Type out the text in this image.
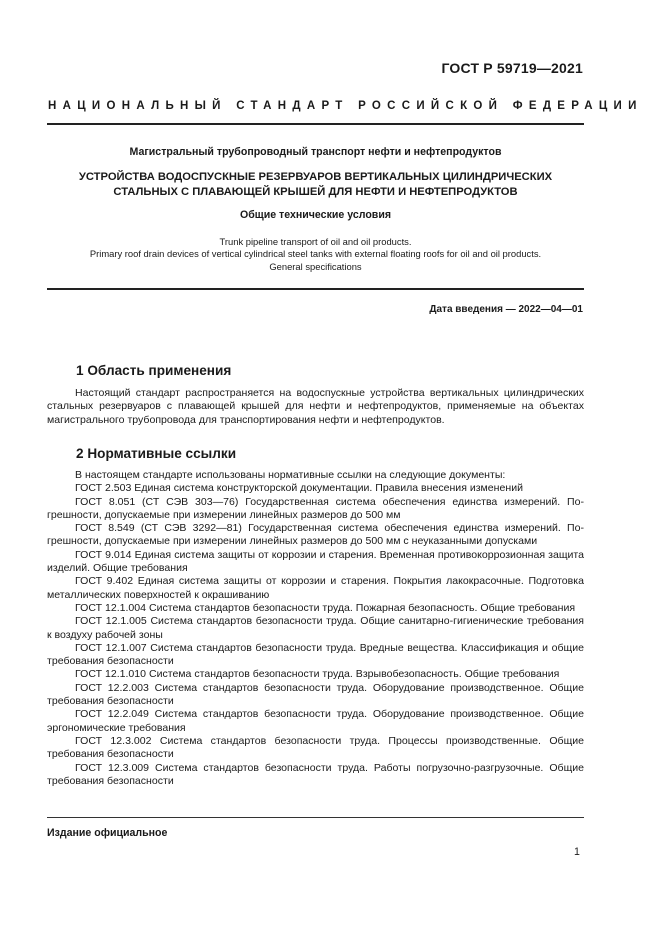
ГОСТ Р 59719—2021
НАЦИОНАЛЬНЫЙ СТАНДАРТ РОССИЙСКОЙ ФЕДЕРАЦИИ
Магистральный трубопроводный транспорт нефти и нефтепродуктов
УСТРОЙСТВА ВОДОСПУСКНЫЕ РЕЗЕРВУАРОВ ВЕРТИКАЛЬНЫХ ЦИЛИНДРИЧЕСКИХ
СТАЛЬНЫХ С ПЛАВАЮЩЕЙ КРЫШЕЙ ДЛЯ НЕФТИ И НЕФТЕПРОДУКТОВ
Общие технические условия
Trunk pipeline transport of oil and oil products.
Primary roof drain devices of vertical cylindrical steel tanks with external floating roofs for oil and oil products.
General specifications
Дата введения — 2022—04—01
1 Область применения
Настоящий стандарт распространяется на водоспускные устройства вертикальных цилиндрических стальных резервуаров с плавающей крышей для нефти и нефтепродуктов, применяемые на объектах магистрального трубопровода для транспортирования нефти и нефтепродуктов.
2 Нормативные ссылки

В настоящем стандарте использованы нормативные ссылки на следующие документы:

ГОСТ 2.503 Единая система конструкторской документации. Правила внесения изменений

ГОСТ 8.051 (СТ СЭВ 303—76) Государственная система обеспечения единства измерений. Погрешности, допускаемые при измерении линейных размеров до 500 мм

ГОСТ 8.549 (СТ СЭВ 3292—81) Государственная система обеспечения единства измерений. Погрешности, допускаемые при измерении линейных размеров до 500 мм с неуказанными допусками

ГОСТ 9.014 Единая система защиты от коррозии и старения. Временная противокоррозионная защита изделий. Общие требования

ГОСТ 9.402 Единая система защиты от коррозии и старения. Покрытия лакокрасочные. Подготовка металлических поверхностей к окрашиванию

ГОСТ 12.1.004 Система стандартов безопасности труда. Пожарная безопасность. Общие требования

ГОСТ 12.1.005 Система стандартов безопасности труда. Общие санитарно-гигиенические требования к воздуху рабочей зоны

ГОСТ 12.1.007 Система стандартов безопасности труда. Вредные вещества. Классификация и общие требования безопасности

ГОСТ 12.1.010 Система стандартов безопасности труда. Взрывобезопасность. Общие требования

ГОСТ 12.2.003 Система стандартов безопасности труда. Оборудование производственное. Общие требования безопасности

ГОСТ 12.2.049 Система стандартов безопасности труда. Оборудование производственное. Общие эргономические требования

ГОСТ 12.3.002 Система стандартов безопасности труда. Процессы производственные. Общие требования безопасности

ГОСТ 12.3.009 Система стандартов безопасности труда. Работы погрузочно-разгрузочные. Общие требования безопасности

Издание официальное
1
